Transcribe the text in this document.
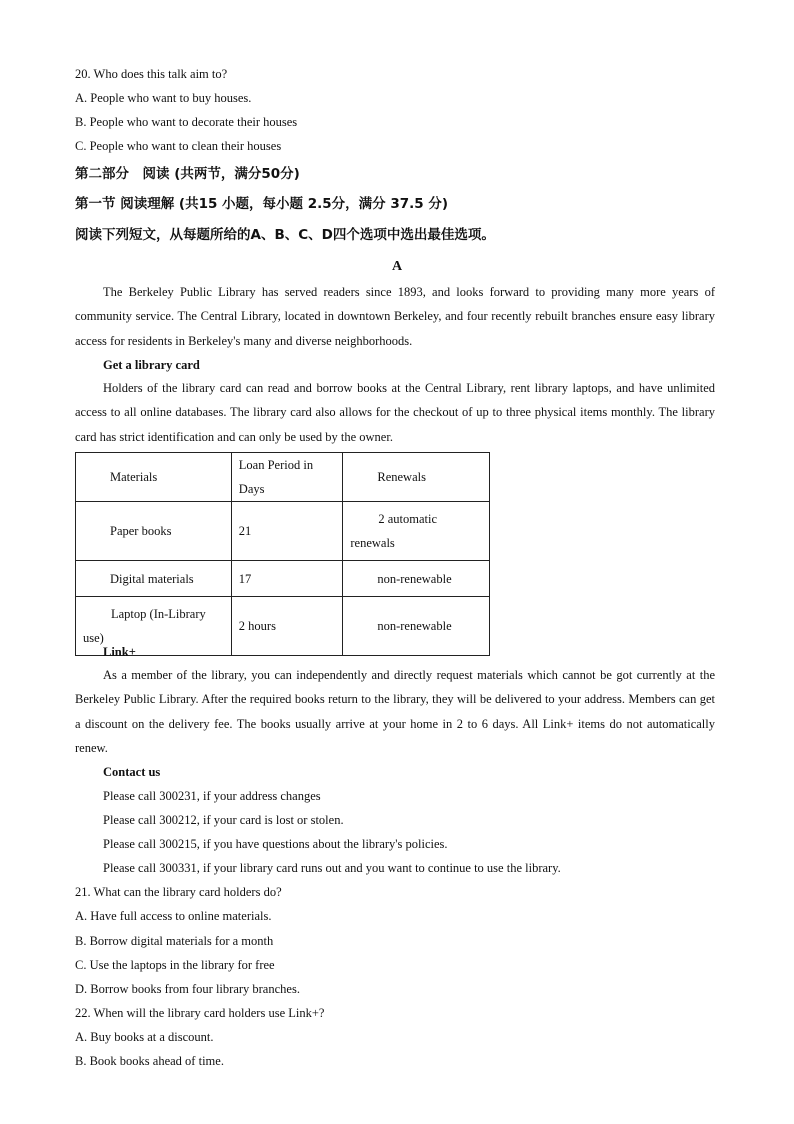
20. Who does this talk aim to?
A. People who want to buy houses.
B. People who want to decorate their houses
C. People who want to clean their houses
第二部分　阅读 (共两节，满分50分)
第一节 阅读理解 (共15 小题，每小题 2.5分，满分 37.5 分)
阅读下列短文，从每题所给的A、B、C、D四个选项中选出最佳选项。
A
The Berkeley Public Library has served readers since 1893, and looks forward to providing many more years of community service. The Central Library, located in downtown Berkeley, and four recently rebuilt branches ensure easy library access for residents in Berkeley's many and diverse neighborhoods.
Get a library card
Holders of the library card can read and borrow books at the Central Library, rent library laptops, and have unlimited access to all online databases. The library card also allows for the checkout of up to three physical items monthly. The library card has strict identification and can only be used by the owner.
Materials	Loan Period in Days	Renewals
Paper books	21	2 automatic renewals
Digital materials	17	non-renewable
Laptop (In-Library use)	2 hours	non-renewable
Link+
As a member of the library, you can independently and directly request materials which cannot be got currently at the Berkeley Public Library. After the required books return to the library, they will be delivered to your address. Members can get a discount on the delivery fee. The books usually arrive at your home in 2 to 6 days. All Link+ items do not automatically renew.
Contact us
Please call 300231, if your address changes
Please call 300212, if your card is lost or stolen.
Please call 300215, if you have questions about the library's policies.
Please call 300331, if your library card runs out and you want to continue to use the library.
21. What can the library card holders do?
A. Have full access to online materials.
B. Borrow digital materials for a month
C. Use the laptops in the library for free
D. Borrow books from four library branches.
22. When will the library card holders use Link+?
A. Buy books at a discount.
B. Book books ahead of time.
